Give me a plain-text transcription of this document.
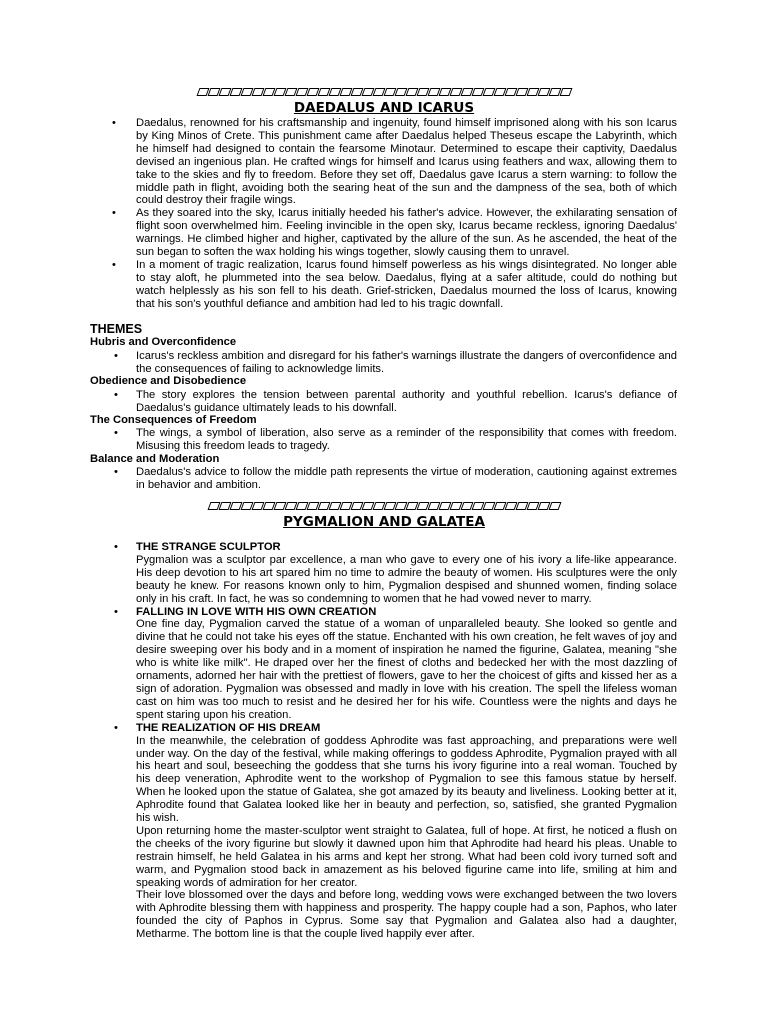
DAEDALUS AND ICARUS
• Daedalus, renowned for his craftsmanship and ingenuity, found himself imprisoned along with his son Icarus by King Minos of Crete. This punishment came after Daedalus helped Theseus escape the Labyrinth, which he himself had designed to contain the fearsome Minotaur. Determined to escape their captivity, Daedalus devised an ingenious plan. He crafted wings for himself and Icarus using feathers and wax, allowing them to take to the skies and fly to freedom. Before they set off, Daedalus gave Icarus a stern warning: to follow the middle path in flight, avoiding both the searing heat of the sun and the dampness of the sea, both of which could destroy their fragile wings.
• As they soared into the sky, Icarus initially heeded his father's advice. However, the exhilarating sensation of flight soon overwhelmed him. Feeling invincible in the open sky, Icarus became reckless, ignoring Daedalus' warnings. He climbed higher and higher, captivated by the allure of the sun. As he ascended, the heat of the sun began to soften the wax holding his wings together, slowly causing them to unravel.
• In a moment of tragic realization, Icarus found himself powerless as his wings disintegrated. No longer able to stay aloft, he plummeted into the sea below. Daedalus, flying at a safer altitude, could do nothing but watch helplessly as his son fell to his death. Grief-stricken, Daedalus mourned the loss of Icarus, knowing that his son's youthful defiance and ambition had led to his tragic downfall.
THEMES
Hubris and Overconfidence
• Icarus's reckless ambition and disregard for his father's warnings illustrate the dangers of overconfidence and the consequences of failing to acknowledge limits.
Obedience and Disobedience
• The story explores the tension between parental authority and youthful rebellion. Icarus's defiance of Daedalus's guidance ultimately leads to his downfall.
The Consequences of Freedom
• The wings, a symbol of liberation, also serve as a reminder of the responsibility that comes with freedom. Misusing this freedom leads to tragedy.
Balance and Moderation
• Daedalus's advice to follow the middle path represents the virtue of moderation, cautioning against extremes in behavior and ambition.
PYGMALION AND GALATEA
• THE STRANGE SCULPTOR
Pygmalion was a sculptor par excellence, a man who gave to every one of his ivory a life-like appearance. His deep devotion to his art spared him no time to admire the beauty of women. His sculptures were the only beauty he knew. For reasons known only to him, Pygmalion despised and shunned women, finding solace only in his craft. In fact, he was so condemning to women that he had vowed never to marry.
• FALLING IN LOVE WITH HIS OWN CREATION
One fine day, Pygmalion carved the statue of a woman of unparalleled beauty. She looked so gentle and divine that he could not take his eyes off the statue. Enchanted with his own creation, he felt waves of joy and desire sweeping over his body and in a moment of inspiration he named the figurine, Galatea, meaning "she who is white like milk". He draped over her the finest of cloths and bedecked her with the most dazzling of ornaments, adorned her hair with the prettiest of flowers, gave to her the choicest of gifts and kissed her as a sign of adoration. Pygmalion was obsessed and madly in love with his creation. The spell the lifeless woman cast on him was too much to resist and he desired her for his wife. Countless were the nights and days he spent staring upon his creation.
• THE REALIZATION OF HIS DREAM
In the meanwhile, the celebration of goddess Aphrodite was fast approaching, and preparations were well under way. On the day of the festival, while making offerings to goddess Aphrodite, Pygmalion prayed with all his heart and soul, beseeching the goddess that she turns his ivory figurine into a real woman. Touched by his deep veneration, Aphrodite went to the workshop of Pygmalion to see this famous statue by herself. When he looked upon the statue of Galatea, she got amazed by its beauty and liveliness. Looking better at it, Aphrodite found that Galatea looked like her in beauty and perfection, so, satisfied, she granted Pygmalion his wish.
Upon returning home the master-sculptor went straight to Galatea, full of hope. At first, he noticed a flush on the cheeks of the ivory figurine but slowly it dawned upon him that Aphrodite had heard his pleas. Unable to restrain himself, he held Galatea in his arms and kept her strong. What had been cold ivory turned soft and warm, and Pygmalion stood back in amazement as his beloved figurine came into life, smiling at him and speaking words of admiration for her creator.
Their love blossomed over the days and before long, wedding vows were exchanged between the two lovers with Aphrodite blessing them with happiness and prosperity. The happy couple had a son, Paphos, who later founded the city of Paphos in Cyprus. Some say that Pygmalion and Galatea also had a daughter, Metharme. The bottom line is that the couple lived happily ever after.
